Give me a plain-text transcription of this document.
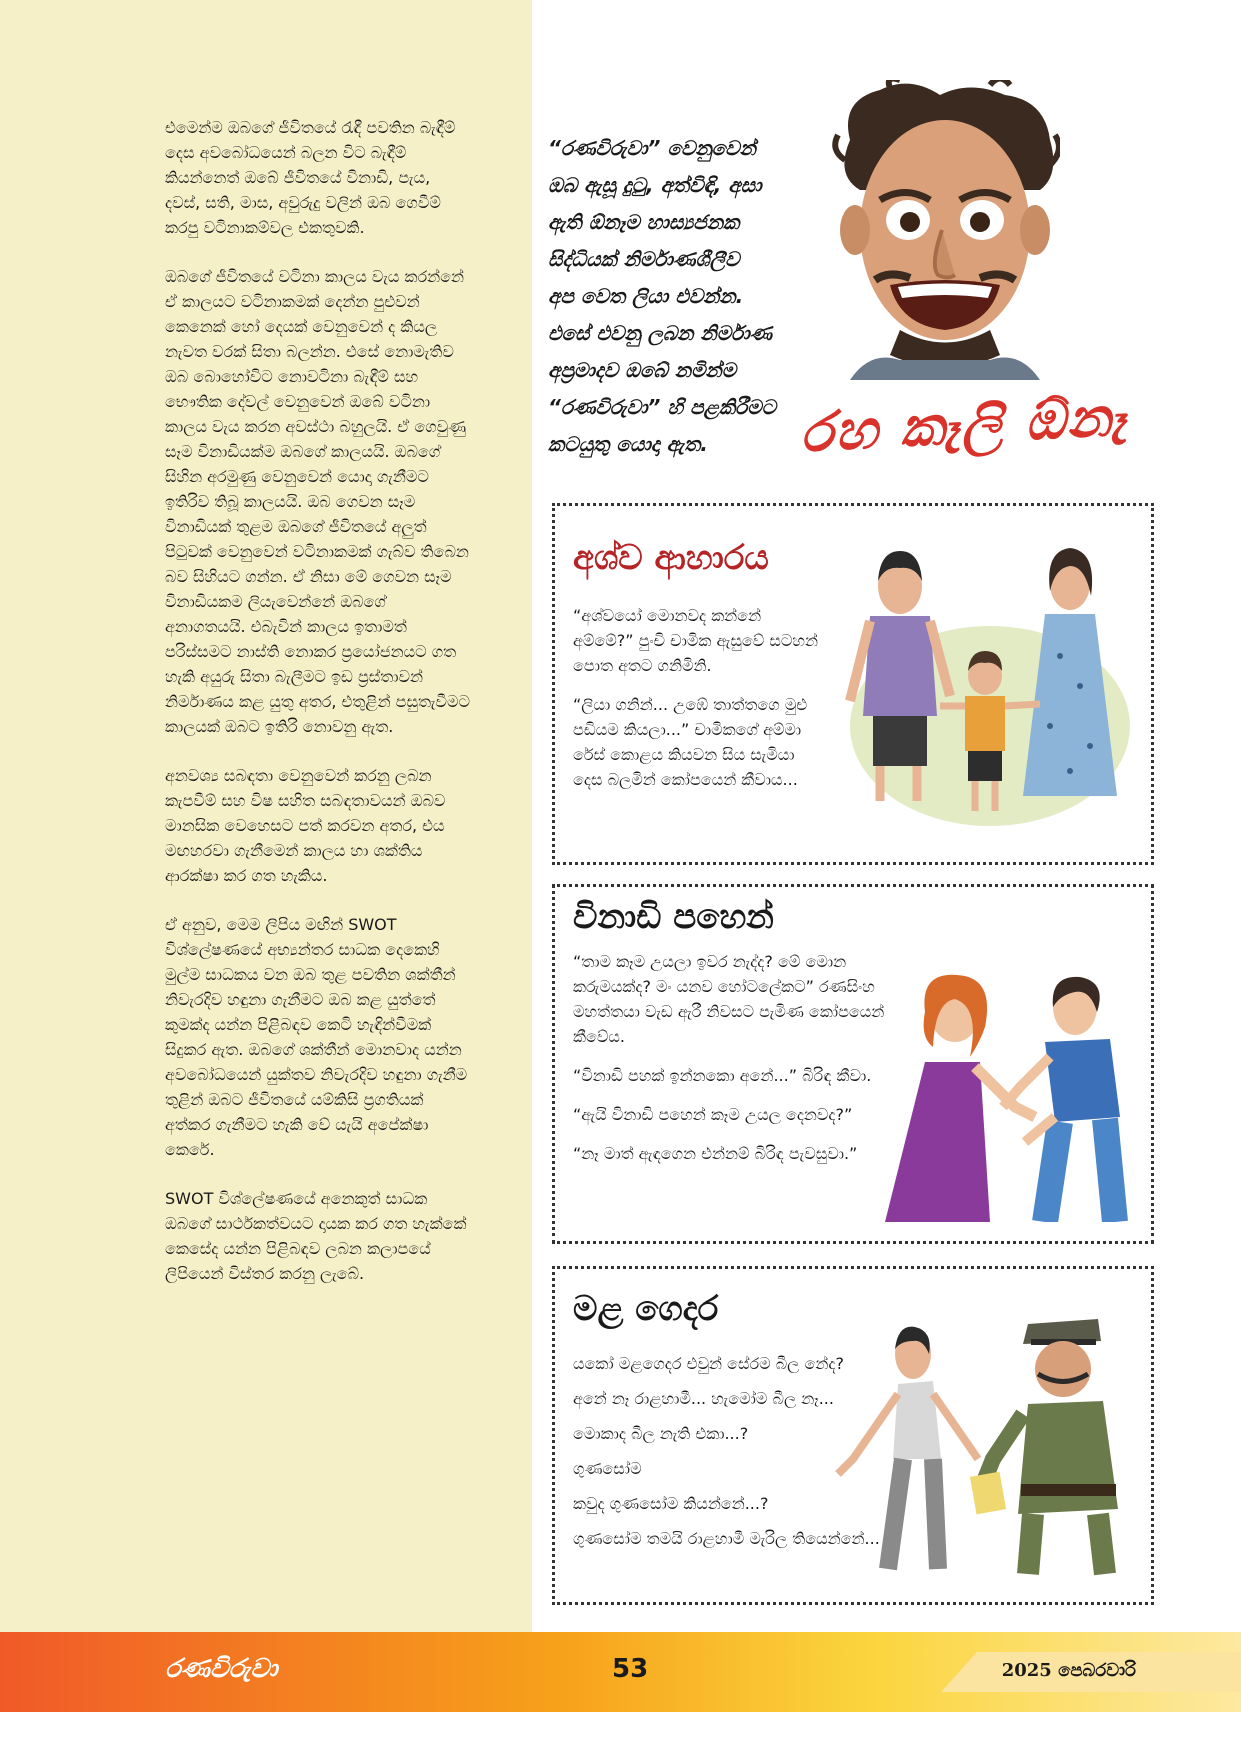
එමෙන්ම ඔබගේ ජීවිතයේ රැඳී පවතින බැඳීම් දෙස අවබෝධයෙන් බලන විට බැඳීම් කියන්නෙත් ඔබේ ජීවිතයේ විනාඩි, පැය, දවස්, සති, මාස, අවුරුදු වලින් ඔබ ගෙවීම් කරපු වටිනාකම්වල එකතුවකි.

ඔබගේ ජීවිතයේ වටිනා කාලය වැය කරන්නේ ඒ කාලයට වටිනාකමක් දෙන්න පුළුවන් කෙනෙක් හෝ දෙයක් වෙනුවෙන් ද කියල නැවත වරක් සිතා බලන්න. එසේ නොමැතිව ඔබ බොහෝවිට නොවටිනා බැඳීම් සහ භෞතික දේවල් වෙනුවෙන් ඔබේ වටිනා කාලය වැය කරන අවස්ථා බහුලයි. ඒ ගෙවුණු සෑම විනාඩියක්ම ඔබගේ කාලයයි. ඔබගේ සිහින අරමුණු වෙනුවෙන් යොදා ගැනීමට ඉතිරිව තිබූ කාලයයි. ඔබ ගෙවන සෑම විනාඩියක් තුළම ඔබගේ ජීවිතයේ අලුත් පිටුවක් වෙනුවෙන් වටිනාකමක් ගැබ්ව තිබෙන බව සිහියට ගන්න. ඒ නිසා මේ ගෙවන සෑම විනාඩියකම ලියැවෙන්නේ ඔබගේ අනාගතයයි. එබැවින් කාලය ඉතාමත් පරිස්සමට නාස්ති නොකර ප්‍රයෝජනයට ගත හැකි අයුරු සිතා බැලීමට ඉඩ ප්‍රස්තාවන් නිර්මාණය කළ යුතු අතර, එතුළින් පසුතැවීමට කාලයක් ඔබට ඉතිරි නොවනු ඇත.

අනවශ්‍ය සබඳතා වෙනුවෙන් කරනු ලබන කැපවීම් සහ විෂ සහිත සබඳතාවයන් ඔබව මානසික වෙහෙසට පත් කරවන අතර, එය මඟහරවා ගැනීමෙන් කාලය හා ශක්තිය ආරක්ෂා කර ගත හැකිය.

ඒ අනුව, මෙම ලිපිය මඟින් SWOT විශ්ලේෂණයේ අභ්‍යන්තර සාධක දෙකෙහි මුල්ම සාධකය වන ඔබ තුළ පවතින ශක්තීන් නිවැරදිව හඳුනා ගැනීමට ඔබ කළ යුත්තේ කුමක්ද යන්න පිළිබඳව කෙටි හැඳින්වීමක් සිදුකර ඇත. ඔබගේ ශක්තීන් මොනවාද යන්න අවබෝධයෙන් යුක්තව නිවැරදිව හඳුනා ගැනීම තුළින් ඔබට ජීවිතයේ යම්කිසි ප්‍රගතියක් අත්කර ගැනීමට හැකි වේ යැයි අපේක්ෂා කෙරේ.

SWOT විශ්ලේෂණයේ අනෙකුත් සාධක ඔබගේ සාර්ථකත්වයට දායක කර ගත හැක්කේ කෙසේද යන්න පිළිබඳව ලබන කලාපයේ ලිපියෙන් විස්තර කරනු ලැබේ.

“රණවිරුවා” වෙනුවෙන්
ඔබ ඇසූ දුටු, අත්විඳි, අසා
ඇති ඕනෑම හාස්‍යජනක
සිද්ධියක් නිර්මාණශීලීව
අප වෙත ලියා එවන්න.
එසේ එවනු ලබන නිර්මාණ
අප්‍රමාදව ඔබේ නමින්ම
“රණවිරුවා” හි පළකිරීමට
කටයුතු යොදා ඇත.	රහ කෑලි ඕනෑ
අශ්ව ආහාරය

“අශ්වයෝ මොනවද කන්නේ අම්මේ?” පුංචි චාමික ඇසුවේ සටහන් පොත අතට ගනිමිනි.

“ලියා ගනින්... උඹේ තාත්තගෙ මුළු පඩියම කියලා...” චාමිකගේ අම්මා රේස් කොළය කියවන සිය සැමියා දෙස බලමින් කෝපයෙන් කීවාය...

විනාඩි පහෙන්

“තාම කෑම උයලා ඉවර නැද්ද? මේ මොන කරුමයක්ද? මං යනව හෝටලේකට” රණසිංහ මහත්තයා වැඩ ඇරී නිවසට පැමිණ කෝපයෙන් කීවේය.

“විනාඩි පහක් ඉන්නකො අනේ...” බිරිඳ කීවා.

“ඇයි විනාඩි පහෙන් කෑම උයල දෙනවද?”

“නෑ මාත් ඇඳගෙන එන්නම් බිරිඳ පැවසුවා.”

මළ ගෙදර

යකෝ මළගෙදර එවුන් සේරම බීල නේද?

අනේ නෑ රාළහාමී... හැමෝම බීල නෑ...

මොකාද බීල නැති එකා...?

ගුණසෝම

කවුද ගුණසෝම කියන්නේ...?

ගුණසෝම තමයි රාළහාමී මැරිල තියෙන්නේ...

රණවිරුවා	53	2025 පෙබරවාරි
